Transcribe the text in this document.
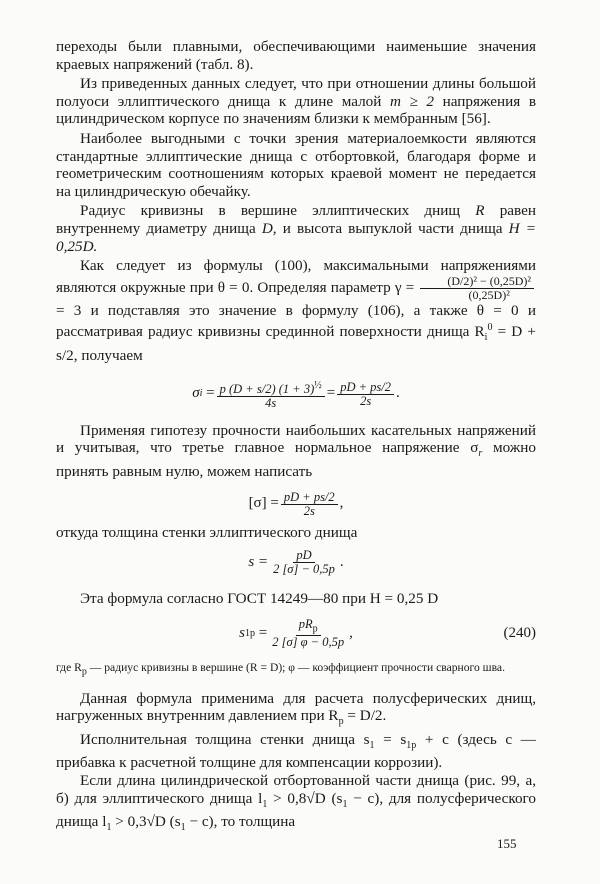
переходы были плавными, обеспечивающими наименьшие значения краевых напряжений (табл. 8).

Из приведенных данных следует, что при отношении длины большой полуоси эллиптического днища к длине малой m ≥ 2 напряжения в цилиндрическом корпусе по значениям близки к мембранным [56].

Наиболее выгодными с точки зрения материалоемкости являются стандартные эллиптические днища с отбортовкой, благодаря форме и геометрическим соотношениям которых краевой момент не передается на цилиндрическую обечайку.

Радиус кривизны в вершине эллиптических днищ R равен внутреннему диаметру днища D, и высота выпуклой части днища H = 0,25D.

Как следует из формулы (100), максимальными напряжениями являются окружные при θ = 0. Определяя параметр $\gamma = \frac{\text{(D/2)² − (0,25D)²}}{\text{(0,25D)²}}$
= 3 и подставляя это значение в формулу (106), а также θ = 0 и рассматривая радиус кривизны срединной поверхности днища $R_i^0 = D + s/2$, получаем

σ $i = \frac{p (D + s/2) (1 + 3)^{\frac{1}{2}}}{4s} = \frac{pD + ps/2}{2s}$ .

Применяя гипотезу прочности наибольших касательных напряжений и учитывая, что третье главное нормальное напряжение $\sigma_r$ можно принять равным нулю, можем написать

$[\sigma] = \frac{pD + ps/2}{2s}$ ,

откуда толщина стенки эллиптического днища

$s = \frac{pD}{2 [\sigma] - 0,5p}$ .

Эта формула согласно ГОСТ 14249—80 при H = 0,25 D

s $1p = \frac{pR_p}{2 [\sigma] \varphi - 0,5p}$ ,	(240)

где $R_p$ — радиус кривизны в вершине (R = D); φ — коэффициент прочности сварного шва.

Данная формула применима для расчета полусферических днищ, нагруженных внутренним давлением при $R_p = D/2$.

Исполнительная толщина стенки днища $s_1 = s_{1p} + c$ (здесь c — прибавка к расчетной толщине для компенсации коррозии).

Если длина цилиндрической отбортованной части днища (рис. 99, а, б) для эллиптического днища $l_1 > 0,8√D$ $(s_1 - c)$, для полусферического днища $l_1 > 0,3√D$ $(s_1 - c)$, то толщина

155
